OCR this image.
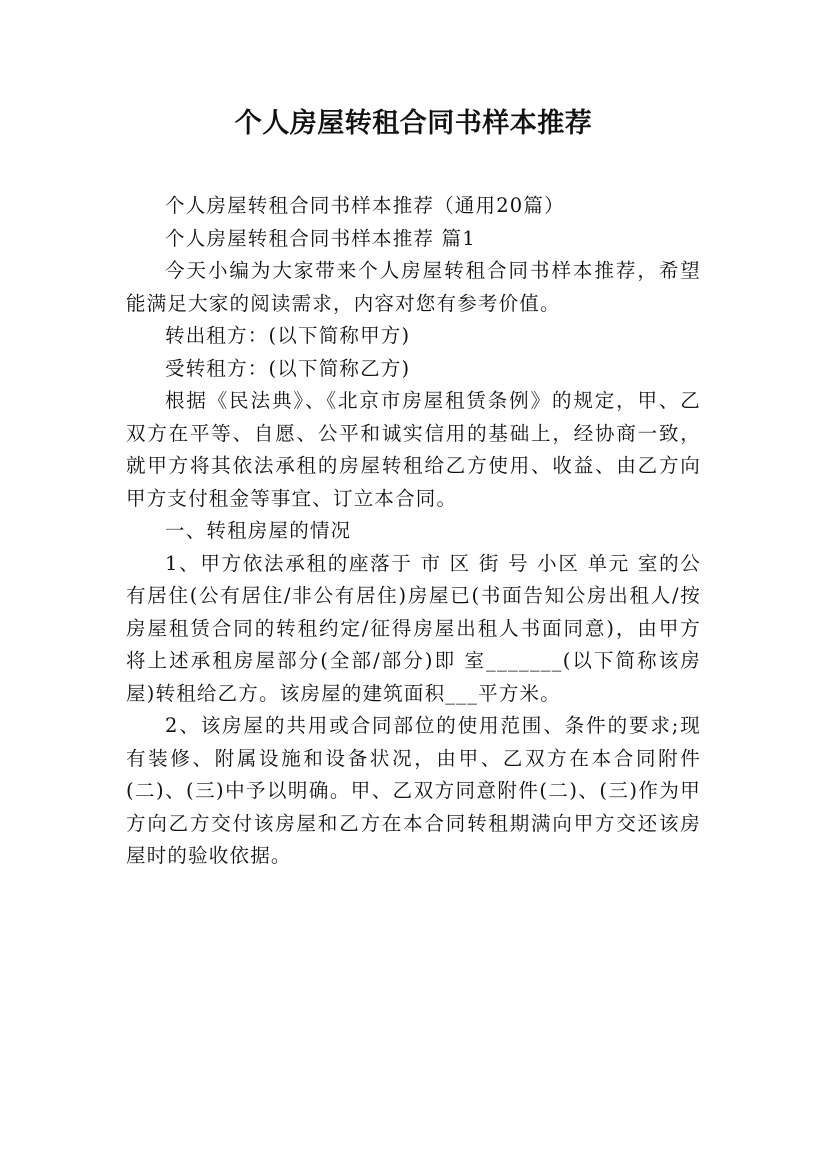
个人房屋转租合同书样本推荐

个人房屋转租合同书样本推荐（通用20篇）

个人房屋转租合同书样本推荐 篇1

今天小编为大家带来个人房屋转租合同书样本推荐，希望能满足大家的阅读需求，内容对您有参考价值。

转出租方：(以下简称甲方)

受转租方：(以下简称乙方)

根据《民法典》、《北京市房屋租赁条例》的规定，甲、乙双方在平等、自愿、公平和诚实信用的基础上，经协商一致，就甲方将其依法承租的房屋转租给乙方使用、收益、由乙方向甲方支付租金等事宜、订立本合同。

一、转租房屋的情况

1、甲方依法承租的座落于 市 区 街 号 小区 单元 室的公有居住(公有居住/非公有居住)房屋已(书面告知公房出租人/按房屋租赁合同的转租约定/征得房屋出租人书面同意)，由甲方将上述承租房屋部分(全部/部分)即 室_______(以下简称该房屋)转租给乙方。该房屋的建筑面积___平方米。

2、该房屋的共用或合同部位的使用范围、条件的要求;现有装修、附属设施和设备状况，由甲、乙双方在本合同附件(二)、(三)中予以明确。甲、乙双方同意附件(二)、(三)作为甲方向乙方交付该房屋和乙方在本合同转租期满向甲方交还该房屋时的验收依据。
